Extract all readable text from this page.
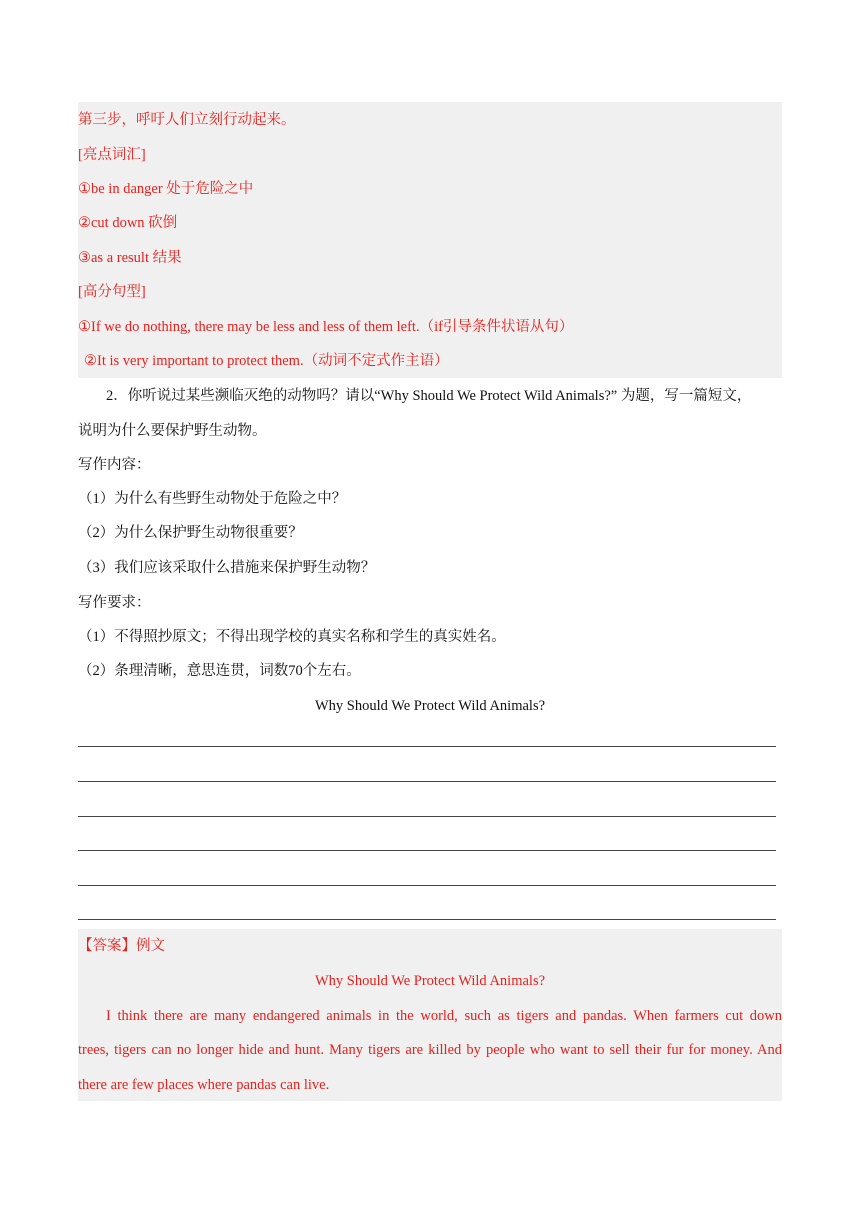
第三步，呼吁人们立刻行动起来。
[亮点词汇]
①be in danger 处于危险之中
②cut down 砍倒
③as a result 结果
[高分句型]
①If we do nothing, there may be less and less of them left.（if引导条件状语从句）
②It is very important to protect them.（动词不定式作主语）
2．你听说过某些濒临灭绝的动物吗？请以“Why Should We Protect Wild Animals?” 为题，写一篇短文，
说明为什么要保护野生动物。
写作内容：
（1）为什么有些野生动物处于危险之中？
（2）为什么保护野生动物很重要？
（3）我们应该采取什么措施来保护野生动物？
写作要求：
（1）不得照抄原文；不得出现学校的真实名称和学生的真实姓名。
（2）条理清晰，意思连贯，词数70个左右。
Why Should We Protect Wild Animals?
【答案】例文
Why Should We Protect Wild Animals?
I think there are many endangered animals in the world, such as tigers and pandas. When farmers cut down
trees, tigers can no longer hide and hunt. Many tigers are killed by people who want to sell their fur for money. And
there are few places where pandas can live.
